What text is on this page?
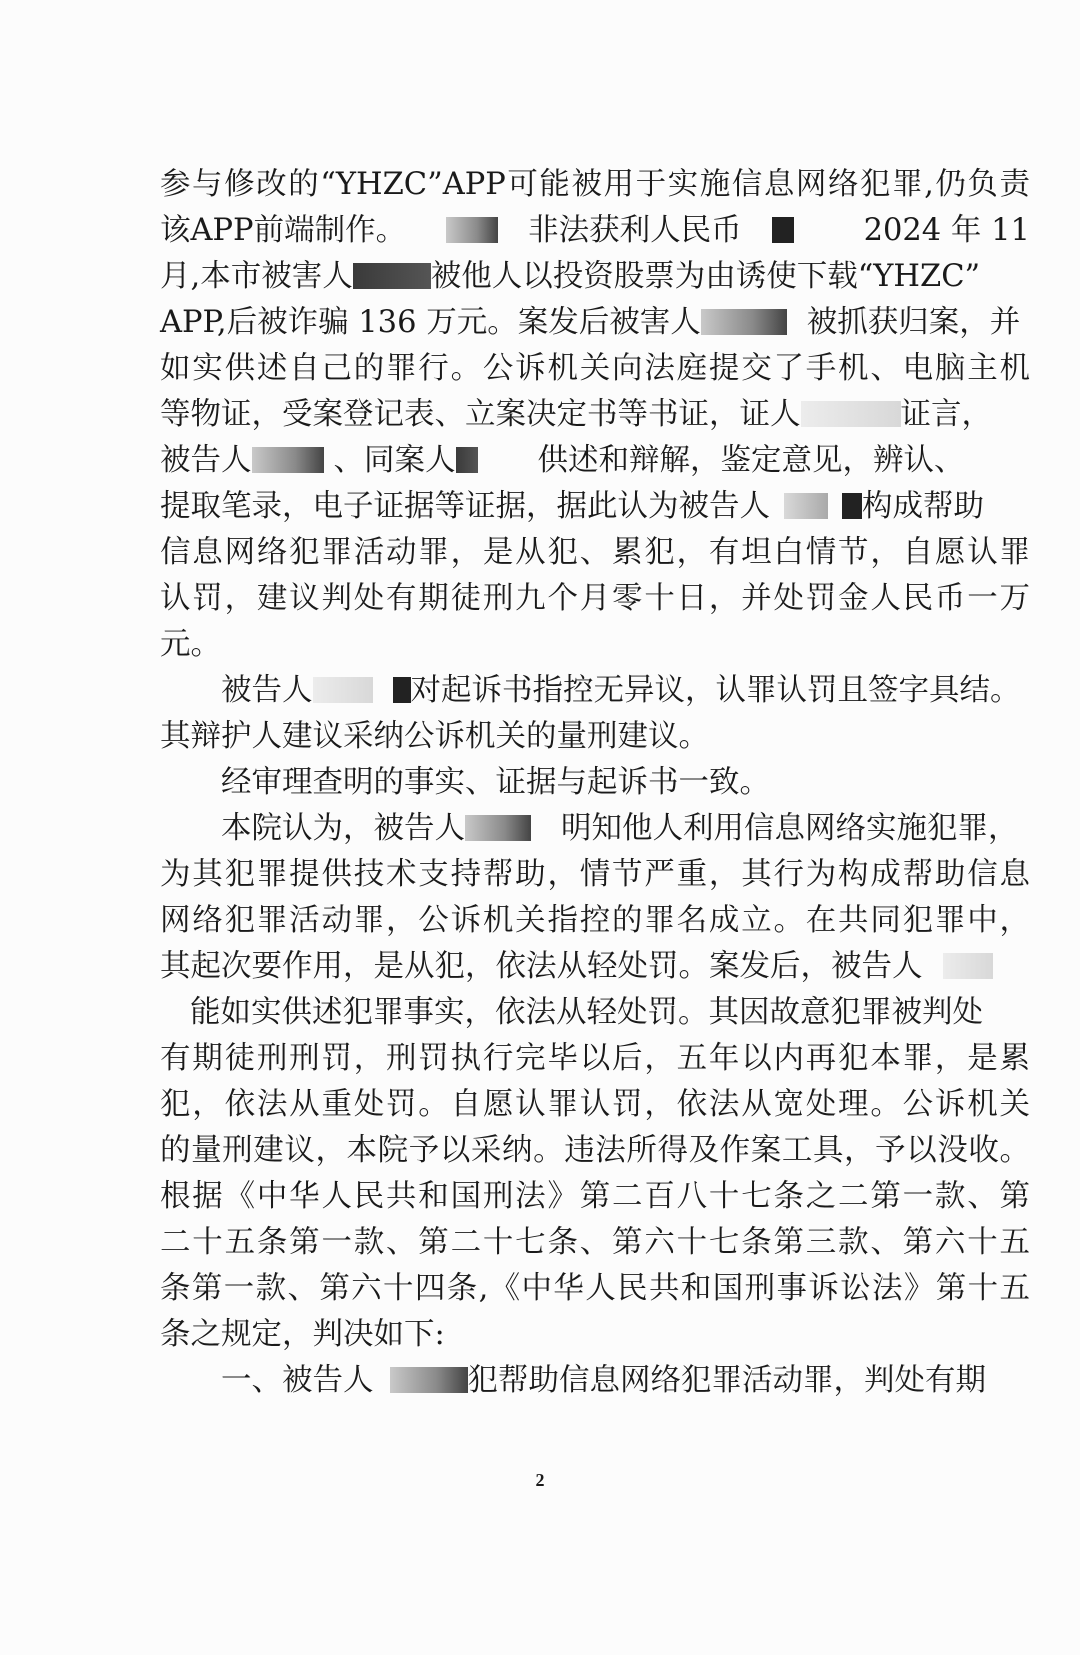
参与修改的“YHZC”APP可能被用于实施信息网络犯罪,仍负责
该APP前端制作。	非法获利人民币	2024 年 11
月,本市被害人	被他人以投资股票为由诱使下载“YHZC”
APP,后被诈骗 136 万元。案发后被害人	被抓获归案，并
如实供述自己的罪行。公诉机关向法庭提交了手机、电脑主机
等物证，受案登记表、立案决定书等书证，证人	证言，
被告人	、同案人	供述和辩解，鉴定意见，辨认、
提取笔录，电子证据等证据，据此认为被告人	构成帮助
信息网络犯罪活动罪，是从犯、累犯，有坦白情节，自愿认罪
认罚，建议判处有期徒刑九个月零十日，并处罚金人民币一万
元。
被告人	对起诉书指控无异议，认罪认罚且签字具结。
其辩护人建议采纳公诉机关的量刑建议。
经审理查明的事实、证据与起诉书一致。
本院认为，被告人	明知他人利用信息网络实施犯罪，
为其犯罪提供技术支持帮助，情节严重，其行为构成帮助信息
网络犯罪活动罪，公诉机关指控的罪名成立。在共同犯罪中，
其起次要作用，是从犯，依法从轻处罚。案发后，被告人
能如实供述犯罪事实，依法从轻处罚。其因故意犯罪被判处
有期徒刑刑罚，刑罚执行完毕以后，五年以内再犯本罪，是累
犯，依法从重处罚。自愿认罪认罚，依法从宽处理。公诉机关
的量刑建议，本院予以采纳。违法所得及作案工具，予以没收。
根据《中华人民共和国刑法》第二百八十七条之二第一款、第
二十五条第一款、第二十七条、第六十七条第三款、第六十五
条第一款、第六十四条,《中华人民共和国刑事诉讼法》第十五
条之规定，判决如下:
一、被告人	犯帮助信息网络犯罪活动罪，判处有期
2
